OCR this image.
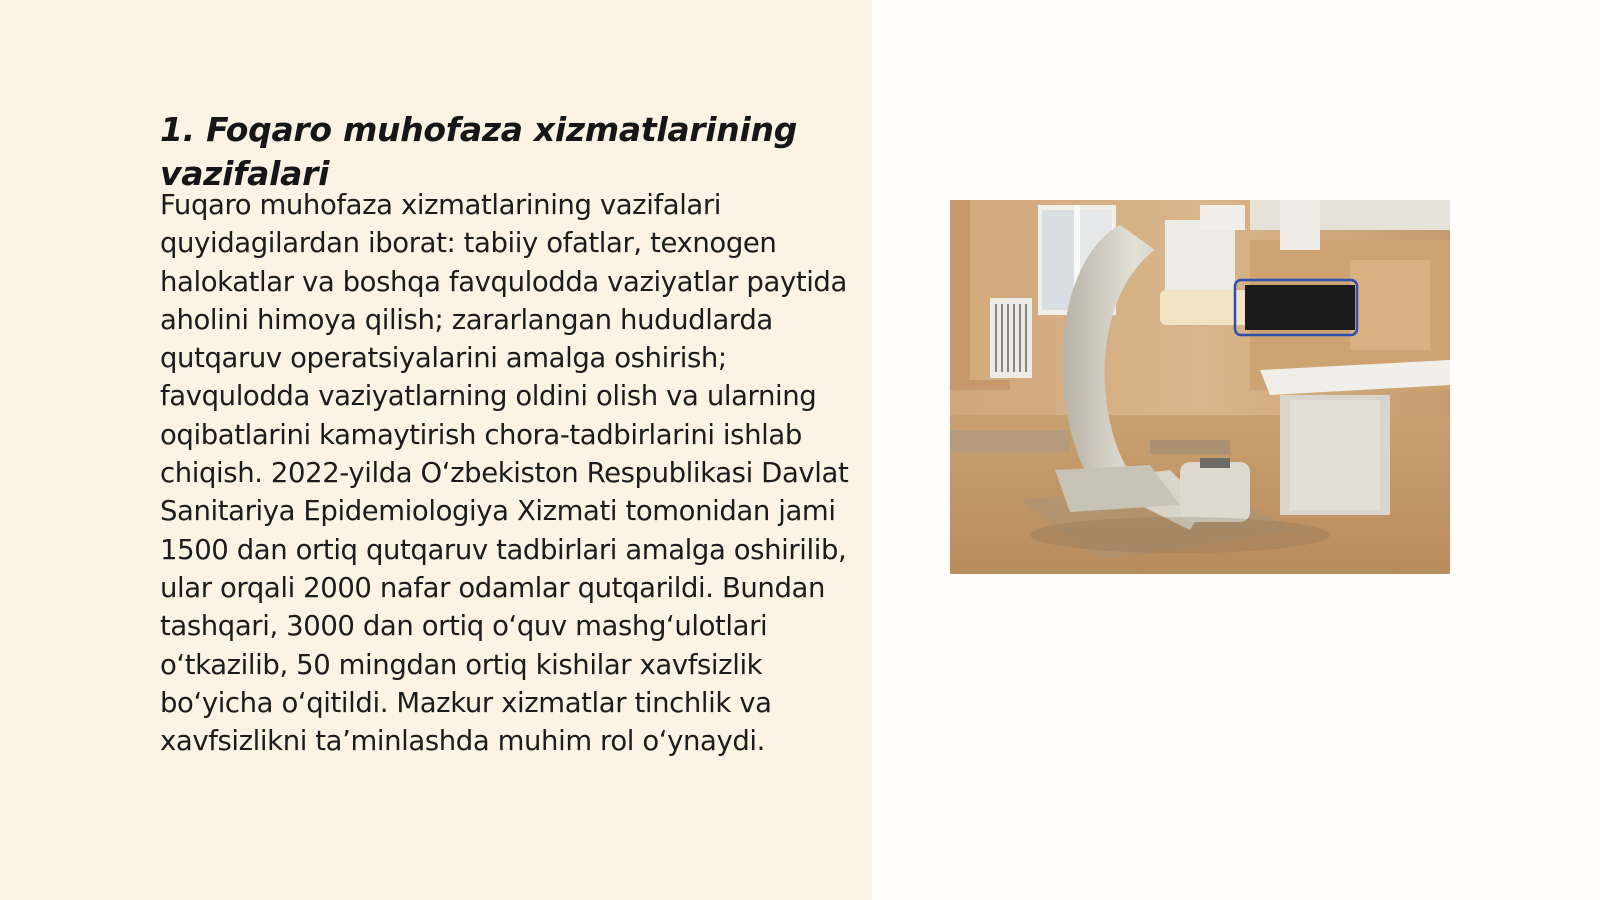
1. Foqaro muhofaza xizmatlarining vazifalari

Fuqaro muhofaza xizmatlarining vazifalari quyidagilardan iborat: tabiiy ofatlar, texnogen halokatlar va boshqa favqulodda vaziyatlar paytida aholini himoya qilish; zararlangan hududlarda qutqaruv operatsiyalarini amalga oshirish; favqulodda vaziyatlarning oldini olish va ularning oqibatlarini kamaytirish chora-tadbirlarini ishlab chiqish. 2022-yilda O‘zbekiston Respublikasi Davlat Sanitariya Epidemiologiya Xizmati tomonidan jami 1500 dan ortiq qutqaruv tadbirlari amalga oshirilib, ular orqali 2000 nafar odamlar qutqarildi. Bundan tashqari, 3000 dan ortiq o‘quv mashg‘ulotlari o‘tkazilib, 50 mingdan ortiq kishilar xavfsizlik bo‘yicha o‘qitildi. Mazkur xizmatlar tinchlik va xavfsizlikni ta’minlashda muhim rol o‘ynaydi.
